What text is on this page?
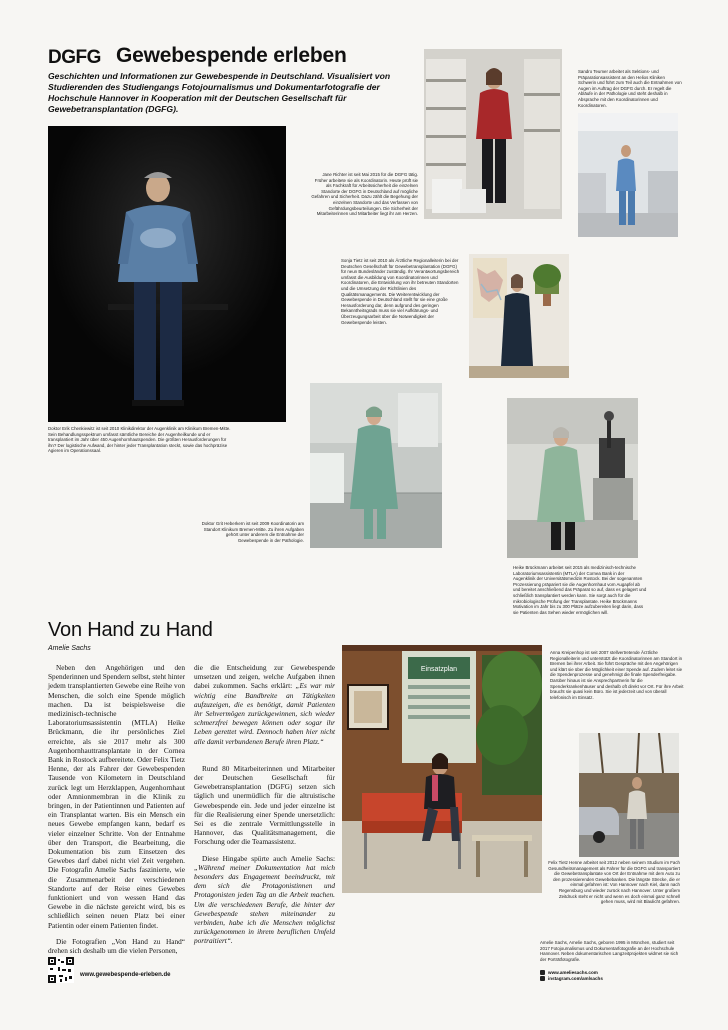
DGFG Gewebespende erleben
Geschichten und Informationen zur Gewebespende in Deutschland. Visualisiert von Studierenden des Studiengangs Fotojournalismus und Dokumentarfotografie der Hochschule Hannover in Kooperation mit der Deutschen Gesellschaft für Gewebetransplantation (DGFG).
Doktor Erik Chenkiewitz ist seit 2010 Klinikdirektor der Augenklinik am Klinikum Bremen-Mitte. Sein Behandlungsspektrum umfasst sämtliche Bereiche der Augenheilkunde und er transplantiert im Jahr über 450 Augenhornhautspenden. Die größten Herausforderungen für ihn? Der logistische Aufwand, der hinter jeder Transplantation steckt, sowie das hochpräzise Agieren im Operationssaal.
Jane Richter ist seit Mai 2015 für die DGFG tätig. Früher arbeitete sie als Koordinatorin. Heute prüft sie als Fachkraft für Arbeitssicherheit die einzelnen Standorte der DGFG in Deutschland auf mögliche Gefahren und Sicherheit. Dazu zählt die Begehung der einzelnen Standorte und das Verfassen von Gefährdungsbeurteilungen. Die Sicherheit der Mitarbeiterinnen und Mitarbeiter liegt ihr am Herzen.
Sandro Teumer arbeitet als Sektions- und Präparationsassistent an den Helios Kliniken Schwerin und führt zum Teil auch die Entnahmen von Augen im Auftrag der DGFG durch. Er regelt die Abläufe in der Pathologie und steht deshalb in Absprache mit den Koordinatorinnen und Koordinatoren.
Sonja Tietz ist seit 2010 als Ärztliche Regionalleiterin bei der Deutschen Gesellschaft für Gewebetransplantation (DGFG) für neun Bundesländer zuständig. Ihr Verantwortungsbereich umfasst die Ausbildung von Koordinatorinnen und Koordinatoren, die Entwicklung von ihr betreuten Standorten und die Umsetzung der Richtlinien des Qualitätsmanagements. Die Weiterentwicklung der Gewebespende in Deutschland stellt für sie eine große Herausforderung dar, denn aufgrund des geringen Bekanntheitsgrads muss sie viel Aufklärungs- und Überzeugungsarbeit über die Notwendigkeit der Gewebespende leisten.
Doktor Grit Heberkern ist seit 2009 Koordinatorin am Standort Klinikum Bremen-Mitte. Zu ihren Aufgaben gehört unter anderem die Entnahme der Gewebespende in der Pathologie.
Heike Brückmann arbeitet seit 2015 als medizinisch-technische Laboratoriumsassistentin (MTLA) der Cornea Bank in der Augenklinik der Universitätsmedizin Rostock. Bei der sogenannten Prozessierung präpariert sie die Augenhornhaut vom Augapfel ab und bereitet anschließend das Präparat so auf, dass es gelagert und schließlich transplantiert werden kann. Sie sorgt auch für die mikrobiologische Prüfung der Transplantate. Heike Brückmanns Motivation im Jahr bis zu 300 Plätze aufzubereiten liegt darin, dass sie Patienten das Sehen wieder ermöglichen will.
Von Hand zu Hand
Amelie Sachs

Neben den Angehörigen und den Spenderinnen und Spendern selbst, steht hinter jedem transplantierten Gewebe eine Reihe von Menschen, die solch eine Spende möglich machen. Da ist beispielsweise die medizinisch-technische Laboratoriumsassistentin (MTLA) Heike Brückmann, die ihr persönliches Ziel erreichte, als sie 2017 mehr als 300 Augenhornhauttransplantate in der Cornea Bank in Rostock aufbereitete. Oder Felix Tietz Henne, der als Fahrer der Gewebespenden Tausende von Kilometern in Deutschland zurück legt um Herzklappen, Augenhornhaut oder Amnionmembran in die Klinik zu bringen, in der Patientinnen und Patienten auf ein Transplantat warten. Bis ein Mensch ein neues Gewebe empfangen kann, bedarf es vieler einzelner Schritte. Von der Entnahme über den Transport, die Bearbeitung, die Dokumentation bis zum Einsetzen des Gewebes darf dabei nicht viel Zeit vergehen. Die Fotografin Amelie Sachs faszinierte, wie die Zusammenarbeit der verschiedenen Standorte auf der Reise eines Gewebes funktioniert und von wessen Hand das Gewebe in die nächste gereicht wird, bis es schließlich seinen neuen Platz bei einer Patientin oder einem Patienten findet.

Die Fotografien „Von Hand zu Hand“ drehen sich deshalb um die vielen Personen,

die die Entscheidung zur Gewebespende umsetzen und zeigen, welche Aufgaben ihnen dabei zukommen. Sachs erklärt: „Es war mir wichtig eine Bandbreite an Tätigkeiten aufzuzeigen, die es benötigt, damit Patienten ihr Sehvermögen zurückgewinnen, sich wieder schmerzfrei bewegen können oder sogar ihr Leben gerettet wird. Dennoch haben hier nicht alle damit verbundenen Berufe ihren Platz.“

Rund 80 Mitarbeiterinnen und Mitarbeiter der Deutschen Gesellschaft für Gewebetransplantation (DGFG) setzen sich täglich und unermüdlich für die altruistische Gewebespende ein. Jede und jeder einzelne ist für die Realisierung einer Spende unersetzlich: Sei es die zentrale Vermittlungsstelle in Hannover, das Qualitätsmanagement, die Forschung oder die Teamassistenz.

Diese Hingabe spürte auch Amelie Sachs: „Während meiner Dokumentation hat mich besonders das Engagement beeindruckt, mit dem sich die Protagonistinnen und Protagonisten jeden Tag an die Arbeit machen. Um die verschiedenen Berufe, die hinter der Gewebespende stehen miteinander zu verbinden, habe ich die Menschen möglichst zurückgenommen in ihrem beruflichen Umfeld portraitiert“.

Einsatzplan
Anna Kreipenhop ist seit 2007 stellvertretende Ärztliche Regionalleiterin und unterstützt die Koordinatorinnen am Standort in Bremen bei ihrer Arbeit. Sie führt Gespräche mit den Angehörigen und klärt sie über die Möglichkeit einer Spende auf. Zudem leitet sie die Spendenprozesse und genehmigt die finale Spenderfreigabe. Darüber hinaus ist sie Ansprechpartnerin für die Spenderkrankenhäuser und deshalb oft direkt vor Ort. Für ihre Arbeit braucht sie quasi kein Büro. Sie ist jederzeit und von überall telefonisch im Einsatz.
Felix Tietz Henne arbeitet seit 2012 neben seinem Studium im Fach Gesundheitsmanagement als Fahrer für die DGFG und transportiert die Gewebetransplantate von Ort der Entnahme mit dem Auto zu den prozessierenden Gewebebanken. Die längste Strecke, die er einmal gefahren ist: Von Hannover nach Kiel, dann nach Regensburg und wieder zurück nach Hannover. Unter großem Zeitdruck steht er nicht und wenn es doch einmal ganz schnell gehen muss, wird mit Blaulicht gefahren.
www.gewebespende-erleben.de
Amelie Sachs, Amelie Sachs, geboren 1995 in München, studiert seit 2017 Fotojournalismus und Dokumentarfotografie an der Hochschule Hannover. Neben dokumentarischen Langzeitprojekten widmet sie sich der Porträtfotografie.
www.ameliesachs.com
instagram.com/amlsachs
